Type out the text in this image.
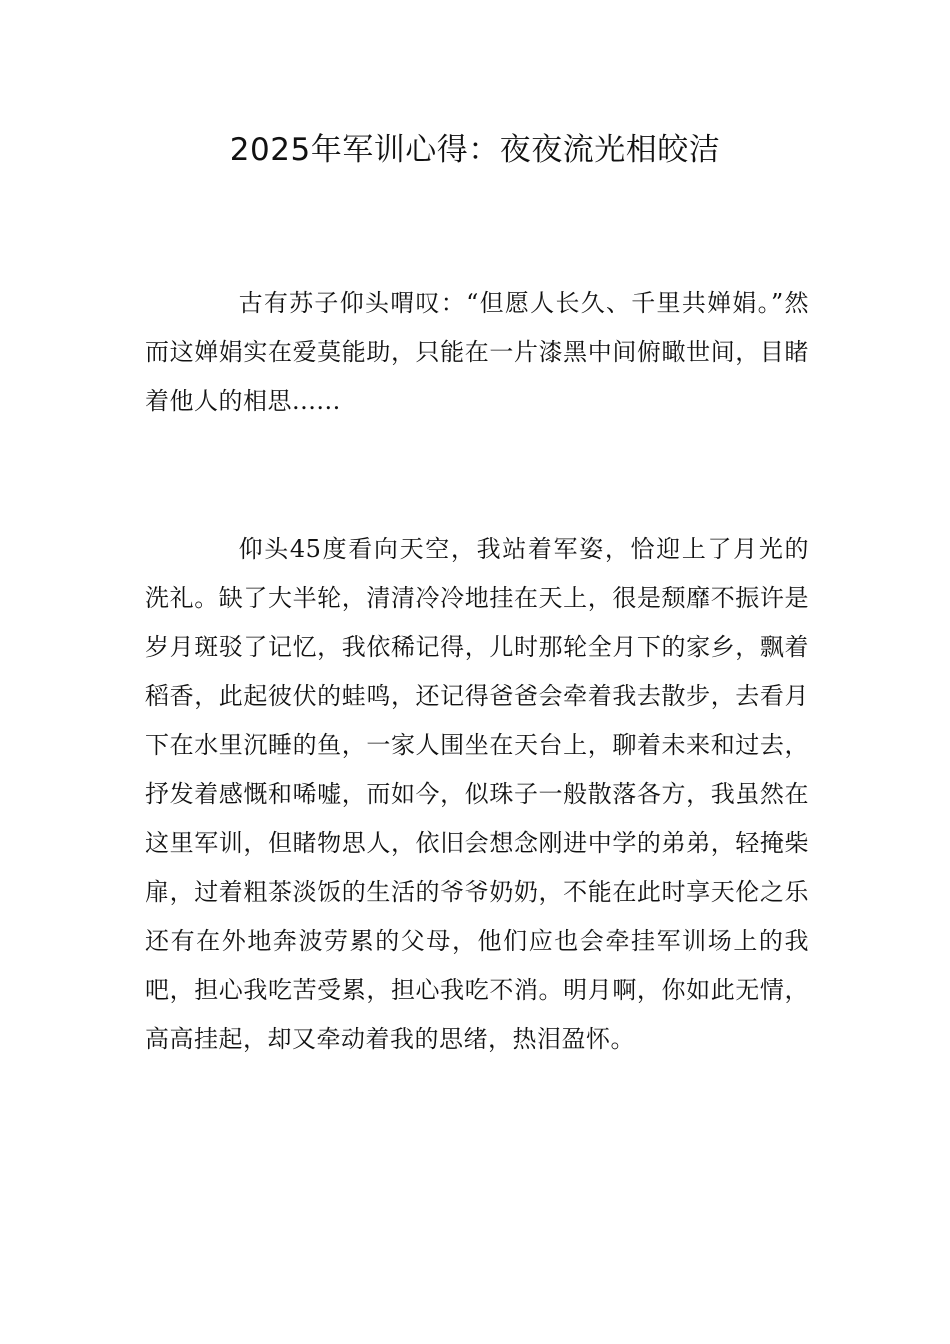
2025年军训心得：夜夜流光相皎洁

古有苏子仰头喟叹：“但愿人长久、千里共婵娟。”然而这婵娟实在爱莫能助，只能在一片漆黑中间俯瞰世间，目睹着他人的相思......

仰头45度看向天空，我站着军姿，恰迎上了月光的洗礼。缺了大半轮，清清冷冷地挂在天上，很是颓靡不振许是岁月斑驳了记忆，我依稀记得，儿时那轮全月下的家乡，飘着稻香，此起彼伏的蛙鸣，还记得爸爸会牵着我去散步，去看月下在水里沉睡的鱼，一家人围坐在天台上，聊着未来和过去，抒发着感慨和唏嘘，而如今，似珠子一般散落各方，我虽然在这里军训，但睹物思人，依旧会想念刚进中学的弟弟，轻掩柴扉，过着粗茶淡饭的生活的爷爷奶奶，不能在此时享天伦之乐还有在外地奔波劳累的父母，他们应也会牵挂军训场上的我吧，担心我吃苦受累，担心我吃不消。明月啊，你如此无情，高高挂起，却又牵动着我的思绪，热泪盈怀。
